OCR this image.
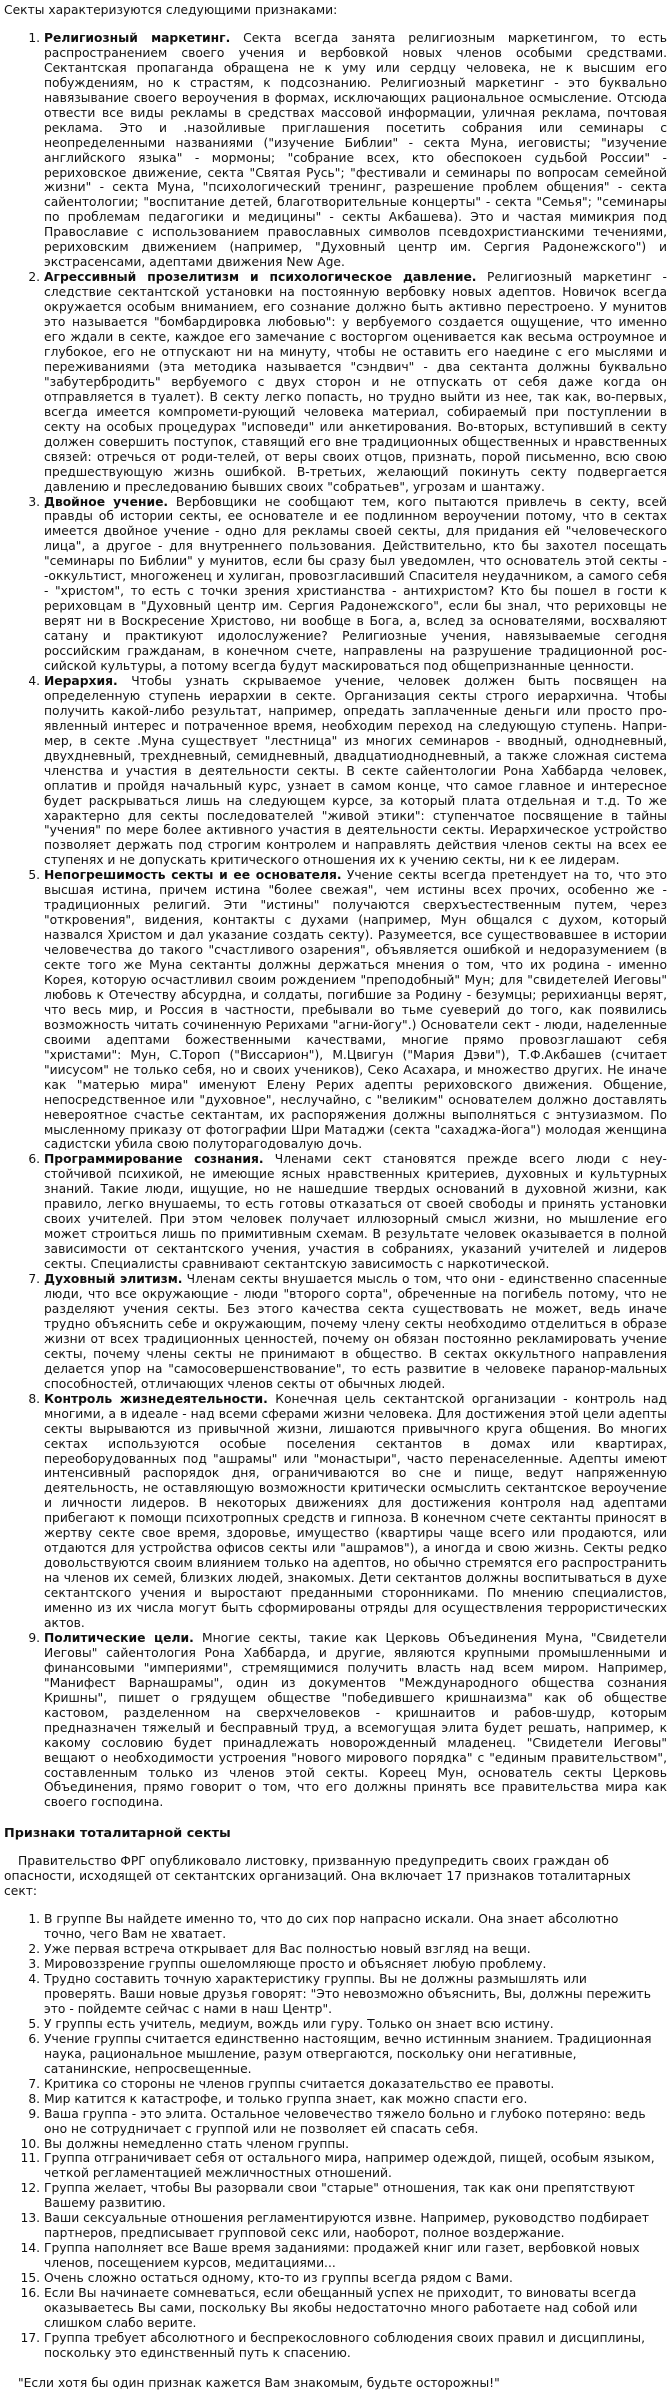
Секты характеризуются следующими признаками:

1. Религиозный маркетинг. Секта всегда занята религиозным маркетингом, то есть распространением своего учения и вербовкой новых членов особыми средствами. Сектантская пропаганда обращена не к уму или сердцу человека, не к высшим его побуждениям, но к страстям, к подсознанию. Религиозный маркетинг - это буквально навязывание своего вероучения в формах, исключающих рациональное осмысление. Отсюда отвести все виды рекламы в средствах массовой информации, уличная реклама, почтовая реклама. Это и .назойливые приглашения посетить собрания или семинары с неопределенными названиями ("изучение Библии" - секта Муна, иеговисты; "изучение английского языка" - мормоны; "собрание всех, кто обеспокоен судьбой России" - рериховское движение, секта "Святая Русь"; "фестивали и семинары по вопросам семейной жизни" - секта Муна, "психологический тренинг, разрешение проблем общения" - секта сайентологии; "воспитание детей, благотворительные концерты" - секта "Семья"; "семинары по проблемам педагогики и медицины" - секты Акбашева). Это и частая мимикрия под Православие с использованием православных символов псевдохристианскими течениями, рериховским движением (например, "Духовный центр им. Сергия Радонежского") и экстрасенсами, адептами движения New Age.
2. Агрессивный прозелитизм и психологическое давление. Религиозный маркетинг - следствие сектантской установки на постоянную вербовку новых адептов. Новичок всегда окружается особым вниманием, его сознание должно быть активно перестроено. У мунитов это называется "бомбардировка любовью": у вербуемого создается ощущение, что именно его ждали в секте, каждое его замечание с восторгом оценивается как весьма остроумное и глубокое, его не отпускают ни на минуту, чтобы не оставить его наедине с его мыслями и переживаниями (эта методика называется "сэндвич" - два сектанта должны буквально "забутербродить" вербуемого с двух сторон и не отпускать от себя даже когда он отправляется в туалет). В секту легко попасть, но трудно выйти из нее, так как, во-первых, всегда имеется компромети-рующий человека материал, собираемый при поступлении в секту на особых процедурах "исповеди" или анкетирования. Во-вторых, вступивший в секту должен совершить поступок, ставящий его вне традиционных общественных и нравственных связей: отречься от роди-телей, от веры своих отцов, признать, порой письменно, всю свою предшествующую жизнь ошибкой. В-третьих, желающий покинуть секту подвергается давлению и преследованию бывших своих "собратьев", угрозам и шантажу.
3. Двойное учение. Вербовщики не сообщают тем, кого пытаются привлечь в секту, всей правды об истории секты, ее основателе и ее подлинном вероучении потому, что в сектах имеется двойное учение - одно для рекламы своей секты, для придания ей "человеческого лица", а другое - для внутреннего пользования. Действительно, кто бы захотел посещать "семинары по Библии" у мунитов, если бы сразу был уведомлен, что основатель этой секты - -оккультист, многоженец и хулиган, провозгласивший Спасителя неудачником, а самого себя - "христом", то есть с точки зрения христианства - антихристом? Кто бы пошел в гости к рериховцам в "Духовный центр им. Сергия Радонежского", если бы знал, что рериховцы не верят ни в Воскресение Христово, ни вообще в Бога, а, вслед за основателями, восхваляют сатану и практикуют идолослужение? Религиозные учения, навязываемые сегодня российским гражданам, в конечном счете, направлены на разрушение традиционной рос-сийской культуры, а потому всегда будут маскироваться под общепризнанные ценности.
4. Иерархия. Чтобы узнать скрываемое учение, человек должен быть посвящен на определенную ступень иерархии в секте. Организация секты строго иерархична. Чтобы получить какой-либо результат, например, опредать заплаченные деньги или просто про-явленный интерес и потраченное время, необходим переход на следующую ступень. Напри-мер, в секте .Муна существует "лестница" из многих семинаров - вводный, однодневный, двухдневный, трехдневный, семидневный, двадцатиоднодневный, а также сложная система членства и участия в деятельности секты. В секте сайентологии Рона Хаббарда человек, оплатив и пройдя начальный курс, узнает в самом конце, что самое главное и интересное будет раскрываться лишь на следующем курсе, за который плата отдельная и т.д. То же характерно для секты последователей "живой этики": ступенчатое посвящение в тайны "учения" по мере более активного участия в деятельности секты. Иерархическое устройство позволяет держать под строгим контролем и направлять действия членов секты на всех ее ступенях и не допускать критического отношения их к учению секты, ни к ее лидерам.
5. Непогрешимость секты и ее основателя. Учение секты всегда претендует на то, что это высшая истина, причем истина "более свежая", чем истины всех прочих, особенно же - традиционных религий. Эти "истины" получаются сверхъестественным путем, через "откровения", видения, контакты с духами (например, Мун общался с духом, который назвался Христом и дал указание создать секту). Разумеется, все существовавшее в истории человечества до такого "счастливого озарения", объявляется ошибкой и недоразумением (в секте того же Муна сектанты должны держаться мнения о том, что их родина - именно Корея, которую осчастливил своим рождением "преподобный" Мун; для "свидетелей Иеговы" любовь к Отечеству абсурдна, и солдаты, погибшие за Родину - безумцы; рерихианцы верят, что весь мир, и Россия в частности, пребывали во тьме суеверий до того, как появились возможность читать сочиненную Рерихами "агни-йогу".) Основатели сект - люди, наделенные своими адептами божественными качествами, многие прямо провозглашают себя "христами": Мун, С.Тороп ("Виссарион"), М.Цвигун ("Мария Дэви"), Т.Ф.Акбашев (считает "иисусом" не только себя, но и своих учеников), Секо Асахара, и множество других. Не иначе как "матерью мира" именуют Елену Рерих адепты рериховского движения. Общение, непосредственное или "духовное", неслучайно, с "великим" основателем должно доставлять невероятное счастье сектантам, их распоряжения должны выполняться с энтузиазмом. По мысленному приказу от фотографии Шри Матаджи (секта "сахаджа-йога") молодая женщина садистски убила свою полуторагодовалую дочь.
6. Программирование сознания. Членами сект становятся прежде всего люди с неу-стойчивой психикой, не имеющие ясных нравственных критериев, духовных и культурных знаний. Такие люди, ищущие, но не нашедшие твердых оснований в духовной жизни, как правило, легко внушаемы, то есть готовы отказаться от своей свободы и принять установки своих учителей. При этом человек получает иллюзорный смысл жизни, но мышление его может строиться лишь по примитивным схемам. В результате человек оказывается в полной зависимости от сектантского учения, участия в собраниях, указаний учителей и лидеров секты. Специалисты сравнивают сектантскую зависимость с наркотической.
7. Духовный элитизм. Членам секты внушается мысль о том, что они - единственно спасенные люди, что все окружающие - люди "второго сорта", обреченные на погибель потому, что не разделяют учения секты. Без этого качества секта существовать не может, ведь иначе трудно объяснить себе и окружающим, почему члену секты необходимо отделиться в образе жизни от всех традиционных ценностей, почему он обязан постоянно рекламировать учение секты, почему члены секты не принимают в общество. В сектах оккультного направления делается упор на "самосовершенствование", то есть развитие в человеке паранор-мальных способностей, отличающих членов секты от обычных людей.
8. Контроль жизнедеятельности. Конечная цель сектантской организации - контроль над многими, а в идеале - над всеми сферами жизни человека. Для достижения этой цели адепты секты вырываются из привычной жизни, лишаются привычного круга общения. Во многих сектах используются особые поселения сектантов в домах или квартирах, переоборудованных под "ашрамы" или "монастыри", часто перенаселенные. Адепты имеют интенсивный распорядок дня, ограничиваются во сне и пище, ведут напряженную деятельность, не оставляющую возможности критически осмыслить сектантское вероучение и личности лидеров. В некоторых движениях для достижения контроля над адептами прибегают к помощи психотропных средств и гипноза. В конечном счете сектанты приносят в жертву секте свое время, здоровье, имущество (квартиры чаще всего или продаются, или отдаются для устройства офисов секты или "ашрамов"), а иногда и свою жизнь. Секты редко довольствуются своим влиянием только на адептов, но обычно стремятся его распространить на членов их семей, близких людей, знакомых. Дети сектантов должны воспитываться в духе сектантского учения и выростают преданными сторонниками. По мнению специалистов, именно из их числа могут быть сформированы отряды для осуществления террористических актов.
9. Политические цели. Многие секты, такие как Церковь Объединения Муна, "Свидетели Иеговы" сайентология Рона Хаббарда, и другие, являются крупными промышленными и финансовыми "империями", стремящимися получить власть над всем миром. Например, "Манифест Варнашрамы", один из документов "Международного общества сознания Кришны", пишет о грядущем обществе "победившего кришнаизма" как об обществе кастовом, разделенном на сверхчеловеков - кришнаитов и рабов-шудр, которым предназначен тяжелый и бесправный труд, а всемогущая элита будет решать, например, к какому сословию будет принадлежать новорожденный младенец. "Свидетели Иеговы" вещают о необходимости устроения "нового мирового порядка" с "единым правительством", составленным только из членов этой секты. Кореец Мун, основатель секты Церковь Объединения, прямо говорит о том, что его должны принять все правительства мира как своего господина.
Признаки тоталитарной секты

Правительство ФРГ опубликовало листовку, призванную предупредить своих граждан об опасности, исходящей от сектантских организаций. Она включает 17 признаков тоталитарных сект:

1. В группе Вы найдете именно то, что до сих пор напрасно искали. Она знает абсолютно точно, чего Вам не хватает.
2. Уже первая встреча открывает для Вас полностью новый взгляд на вещи.
3. Мировоззрение группы ошеломляюще просто и объясняет любую проблему.
4. Трудно составить точную характеристику группы. Вы не должны размышлять или проверять. Ваши новые друзья говорят: "Это невозможно объяснить, Вы, должны пережить это - пойдемте сейчас с нами в наш Центр".
5. У группы есть учитель, медиум, вождь или гуру. Только он знает всю истину.
6. Учение группы считается единственно настоящим, вечно истинным знанием. Традиционная наука, рациональное мышление, разум отвергаются, поскольку они негативные, сатанинские, непросвещенные.
7. Критика со стороны не членов группы считается доказательство ее правоты.
8. Мир катится к катастрофе, и только группа знает, как можно спасти его.
9. Ваша группа - это элита. Остальное человечество тяжело больно и глубоко потеряно: ведь оно не сотрудничает с группой или не позволяет ей спасать себя.
10. Вы должны немедленно стать членом группы.
11. Группа отграничивает себя от остального мира, например одеждой, пищей, особым языком, четкой регламентацией межличностных отношений.
12. Группа желает, чтобы Вы разорвали свои "старые" отношения, так как они препятствуют Вашему развитию.
13. Ваши сексуальные отношения регламентируются извне. Например, руководство подбирает партнеров, предписывает групповой секс или, наоборот, полное воздержание.
14. Группа наполняет все Ваше время заданиями: продажей книг или газет, вербовкой новых членов, посещением курсов, медитациями...
15. Очень сложно остаться одному, кто-то из группы всегда рядом с Вами.
16. Если Вы начинаете сомневаться, если обещанный успех не приходит, то виноваты всегда оказываетесь Вы сами, поскольку Вы якобы недостаточно много работаете над собой или слишком слабо верите.
17. Группа требует абсолютного и беспрекословного соблюдения своих правил и дисциплины, поскольку это единственный путь к спасению.

"Если хотя бы один признак кажется Вам знакомым, будьте осторожны!"
